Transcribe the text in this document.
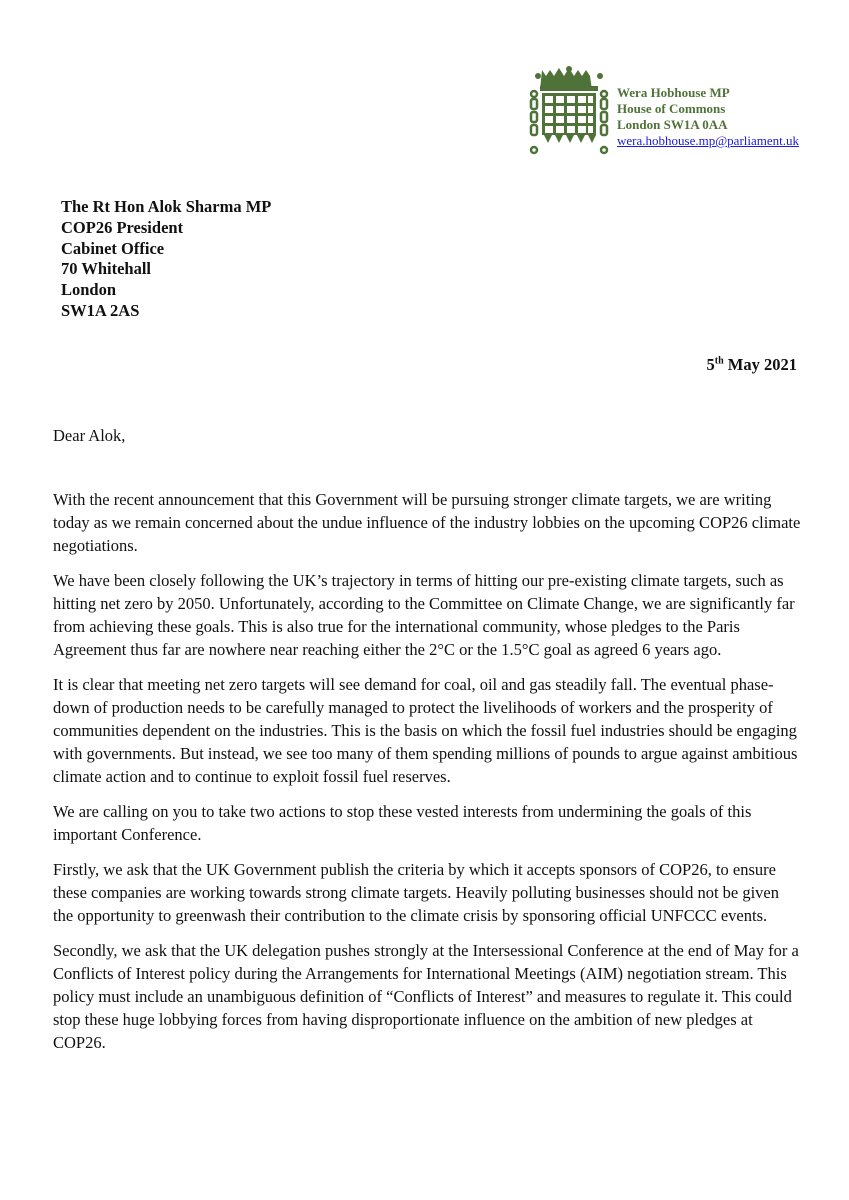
Wera Hobhouse MP
House of Commons
London SW1A 0AA
wera.hobhouse.mp@parliament.uk
The Rt Hon Alok Sharma MP
COP26 President
Cabinet Office
70 Whitehall
London
SW1A 2AS
5th May 2021
Dear Alok,

With the recent announcement that this Government will be pursuing stronger climate targets, we are writing today as we remain concerned about the undue influence of the industry lobbies on the upcoming COP26 climate negotiations.

We have been closely following the UK’s trajectory in terms of hitting our pre-existing climate targets, such as hitting net zero by 2050. Unfortunately, according to the Committee on Climate Change, we are significantly far from achieving these goals. This is also true for the international community, whose pledges to the Paris Agreement thus far are nowhere near reaching either the 2°C or the 1.5°C goal as agreed 6 years ago.

It is clear that meeting net zero targets will see demand for coal, oil and gas steadily fall. The eventual phase-down of production needs to be carefully managed to protect the livelihoods of workers and the prosperity of communities dependent on the industries. This is the basis on which the fossil fuel industries should be engaging with governments. But instead, we see too many of them spending millions of pounds to argue against ambitious climate action and to continue to exploit fossil fuel reserves.

We are calling on you to take two actions to stop these vested interests from undermining the goals of this important Conference.

Firstly, we ask that the UK Government publish the criteria by which it accepts sponsors of COP26, to ensure these companies are working towards strong climate targets. Heavily polluting businesses should not be given the opportunity to greenwash their contribution to the climate crisis by sponsoring official UNFCCC events.

Secondly, we ask that the UK delegation pushes strongly at the Intersessional Conference at the end of May for a Conflicts of Interest policy during the Arrangements for International Meetings (AIM) negotiation stream. This policy must include an unambiguous definition of “Conflicts of Interest” and measures to regulate it. This could stop these huge lobbying forces from having disproportionate influence on the ambition of new pledges at COP26.
